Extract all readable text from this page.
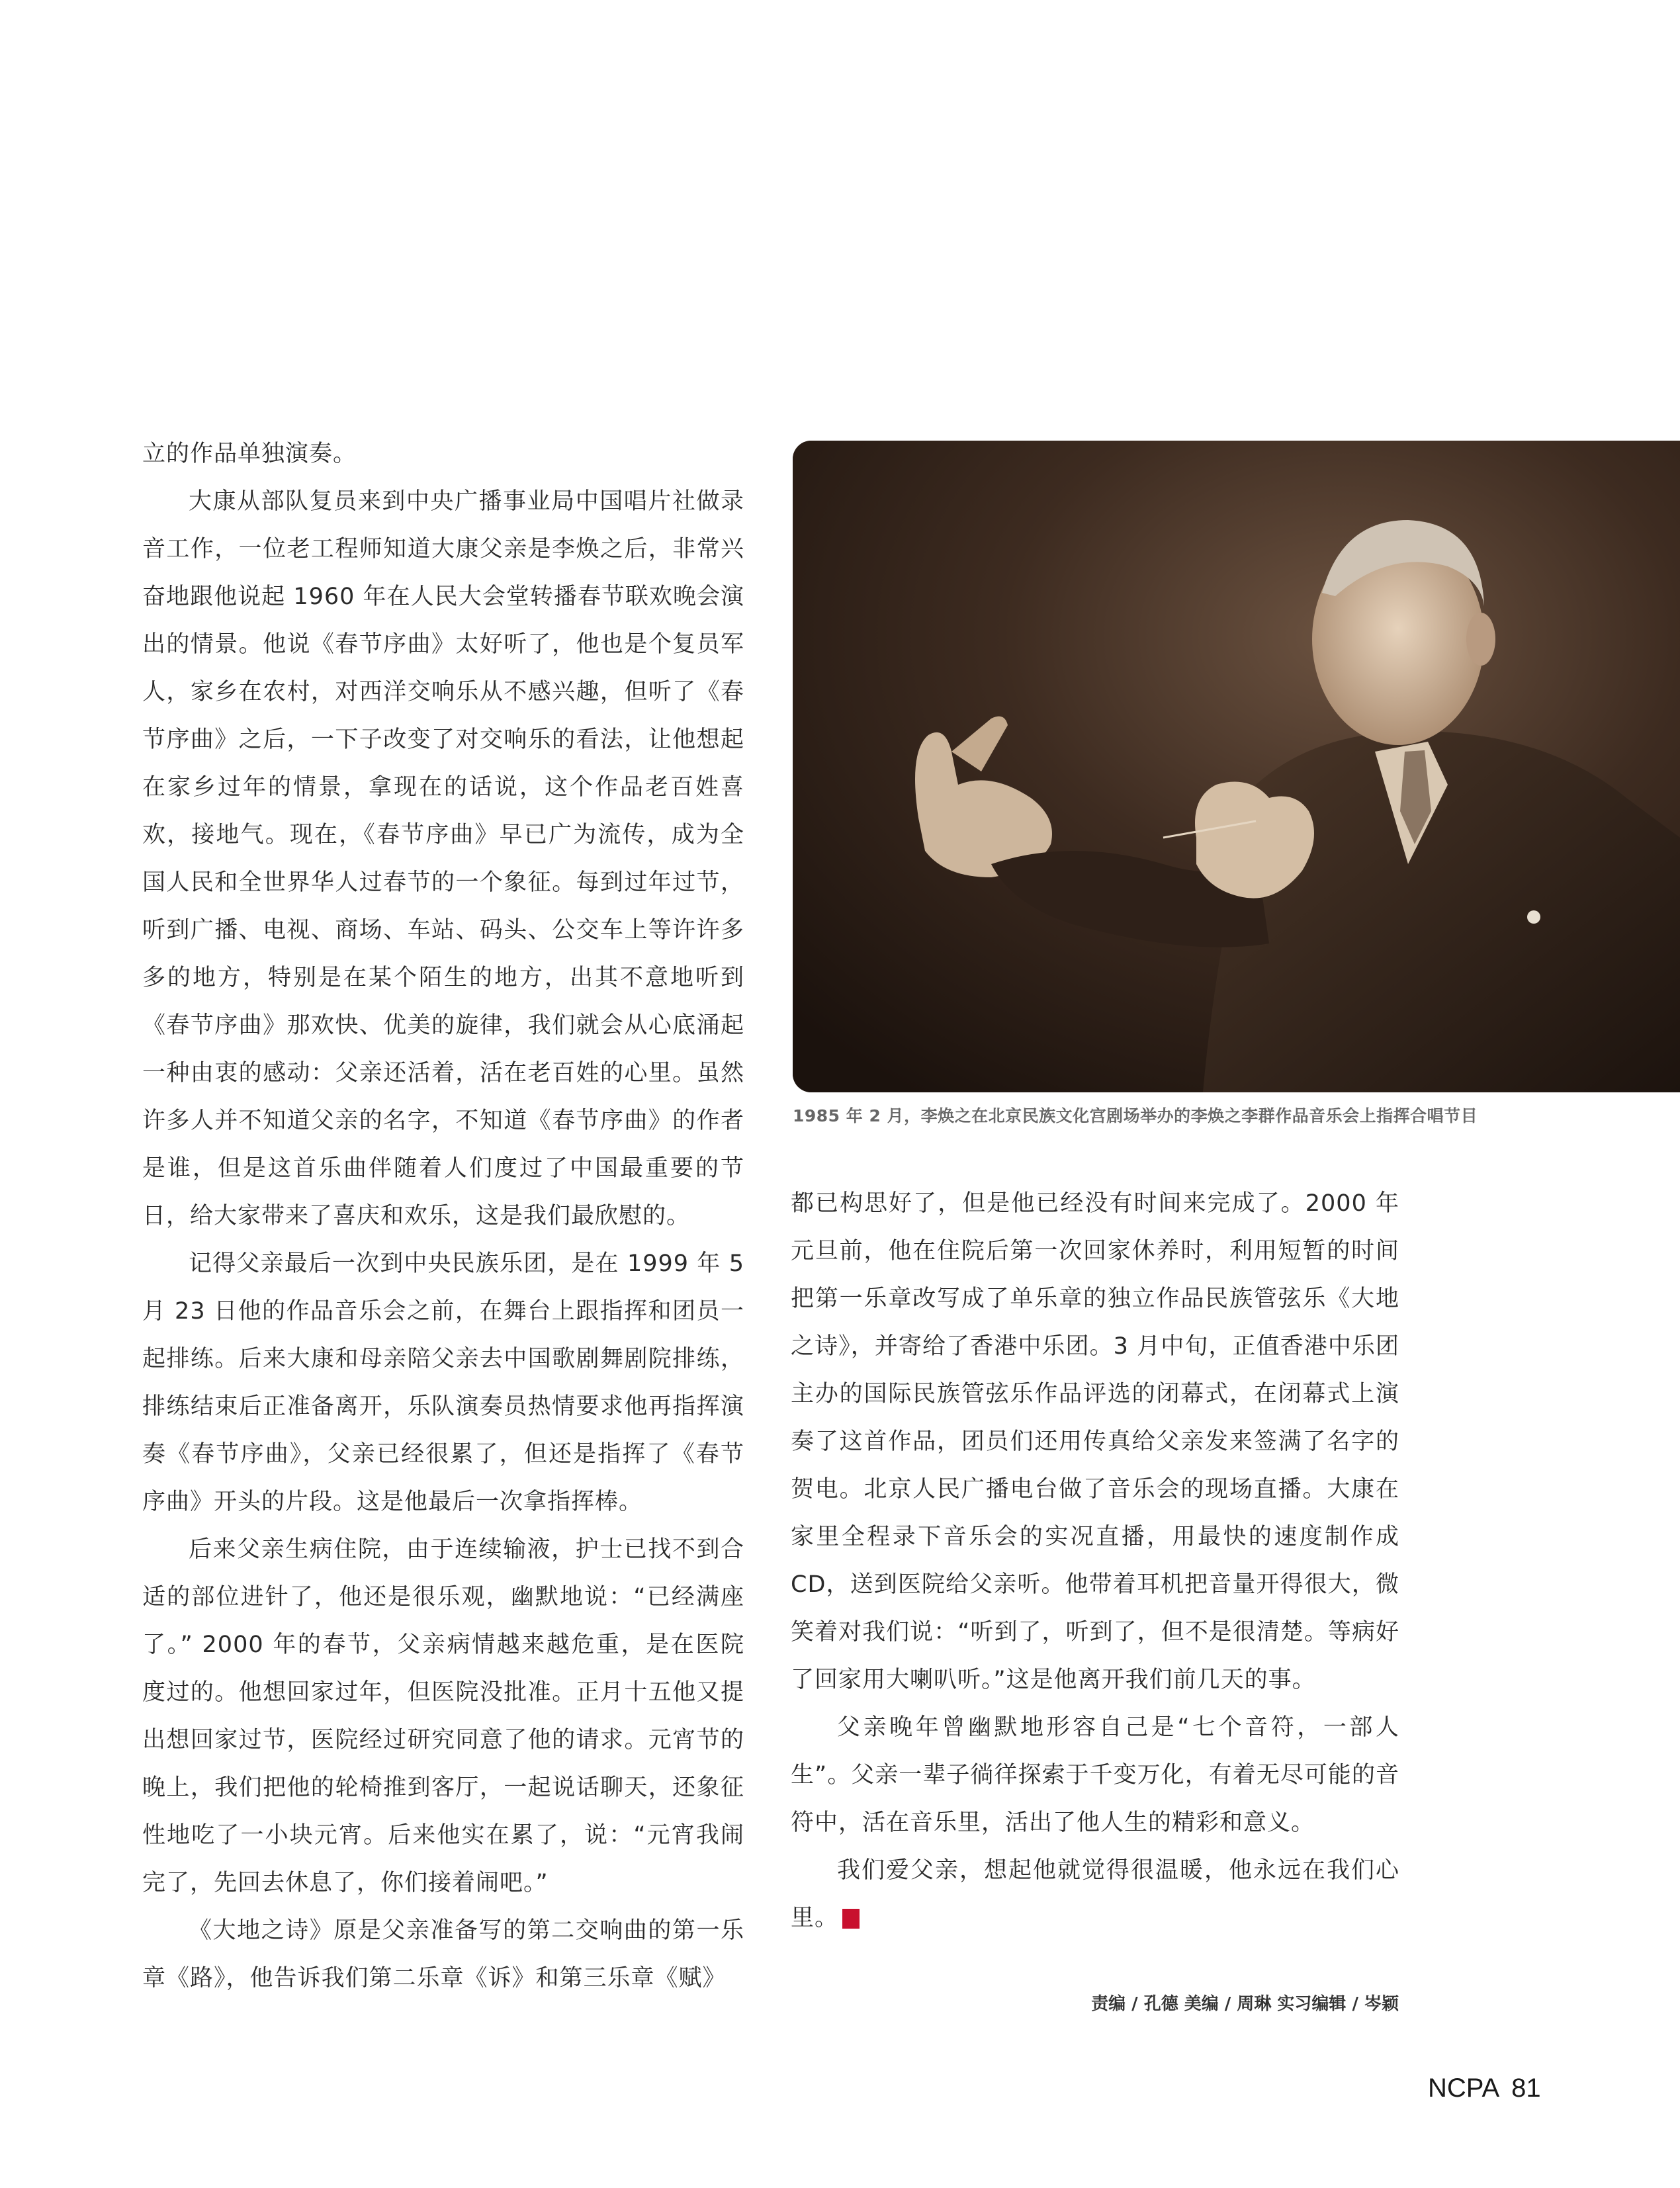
立的作品单独演奏。

大康从部队复员来到中央广播事业局中国唱片社做录音工作，一位老工程师知道大康父亲是李焕之后，非常兴奋地跟他说起 1960 年在人民大会堂转播春节联欢晚会演出的情景。他说《春节序曲》太好听了，他也是个复员军人，家乡在农村，对西洋交响乐从不感兴趣，但听了《春节序曲》之后，一下子改变了对交响乐的看法，让他想起在家乡过年的情景，拿现在的话说，这个作品老百姓喜欢，接地气。现在，《春节序曲》早已广为流传，成为全国人民和全世界华人过春节的一个象征。每到过年过节，听到广播、电视、商场、车站、码头、公交车上等许许多多的地方，特别是在某个陌生的地方，出其不意地听到《春节序曲》那欢快、优美的旋律，我们就会从心底涌起一种由衷的感动：父亲还活着，活在老百姓的心里。虽然许多人并不知道父亲的名字，不知道《春节序曲》的作者是谁，但是这首乐曲伴随着人们度过了中国最重要的节日，给大家带来了喜庆和欢乐，这是我们最欣慰的。

记得父亲最后一次到中央民族乐团，是在 1999 年 5 月 23 日他的作品音乐会之前，在舞台上跟指挥和团员一起排练。后来大康和母亲陪父亲去中国歌剧舞剧院排练，排练结束后正准备离开，乐队演奏员热情要求他再指挥演奏《春节序曲》，父亲已经很累了，但还是指挥了《春节序曲》开头的片段。这是他最后一次拿指挥棒。

后来父亲生病住院，由于连续输液，护士已找不到合适的部位进针了，他还是很乐观，幽默地说：“已经满座了。” 2000 年的春节，父亲病情越来越危重，是在医院度过的。他想回家过年，但医院没批准。正月十五他又提出想回家过节，医院经过研究同意了他的请求。元宵节的晚上，我们把他的轮椅推到客厅，一起说话聊天，还象征性地吃了一小块元宵。后来他实在累了，说：“元宵我闹完了，先回去休息了，你们接着闹吧。”

《大地之诗》原是父亲准备写的第二交响曲的第一乐章《路》，他告诉我们第二乐章《诉》和第三乐章《赋》

1985 年 2 月，李焕之在北京民族文化宫剧场举办的李焕之李群作品音乐会上指挥合唱节目

都已构思好了，但是他已经没有时间来完成了。2000 年元旦前，他在住院后第一次回家休养时，利用短暂的时间把第一乐章改写成了单乐章的独立作品民族管弦乐《大地之诗》，并寄给了香港中乐团。3 月中旬，正值香港中乐团主办的国际民族管弦乐作品评选的闭幕式，在闭幕式上演奏了这首作品，团员们还用传真给父亲发来签满了名字的贺电。北京人民广播电台做了音乐会的现场直播。大康在家里全程录下音乐会的实况直播，用最快的速度制作成 CD，送到医院给父亲听。他带着耳机把音量开得很大，微笑着对我们说：“听到了，听到了，但不是很清楚。等病好了回家用大喇叭听。”这是他离开我们前几天的事。

父亲晚年曾幽默地形容自己是“七个音符，一部人生”。父亲一辈子徜徉探索于千变万化，有着无尽可能的音符中，活在音乐里，活出了他人生的精彩和意义。

我们爱父亲，想起他就觉得很温暖，他永远在我们心里。	NCPA

责编 / 孔德 美编 / 周琳 实习编辑 / 岑颖
NCPA 81
